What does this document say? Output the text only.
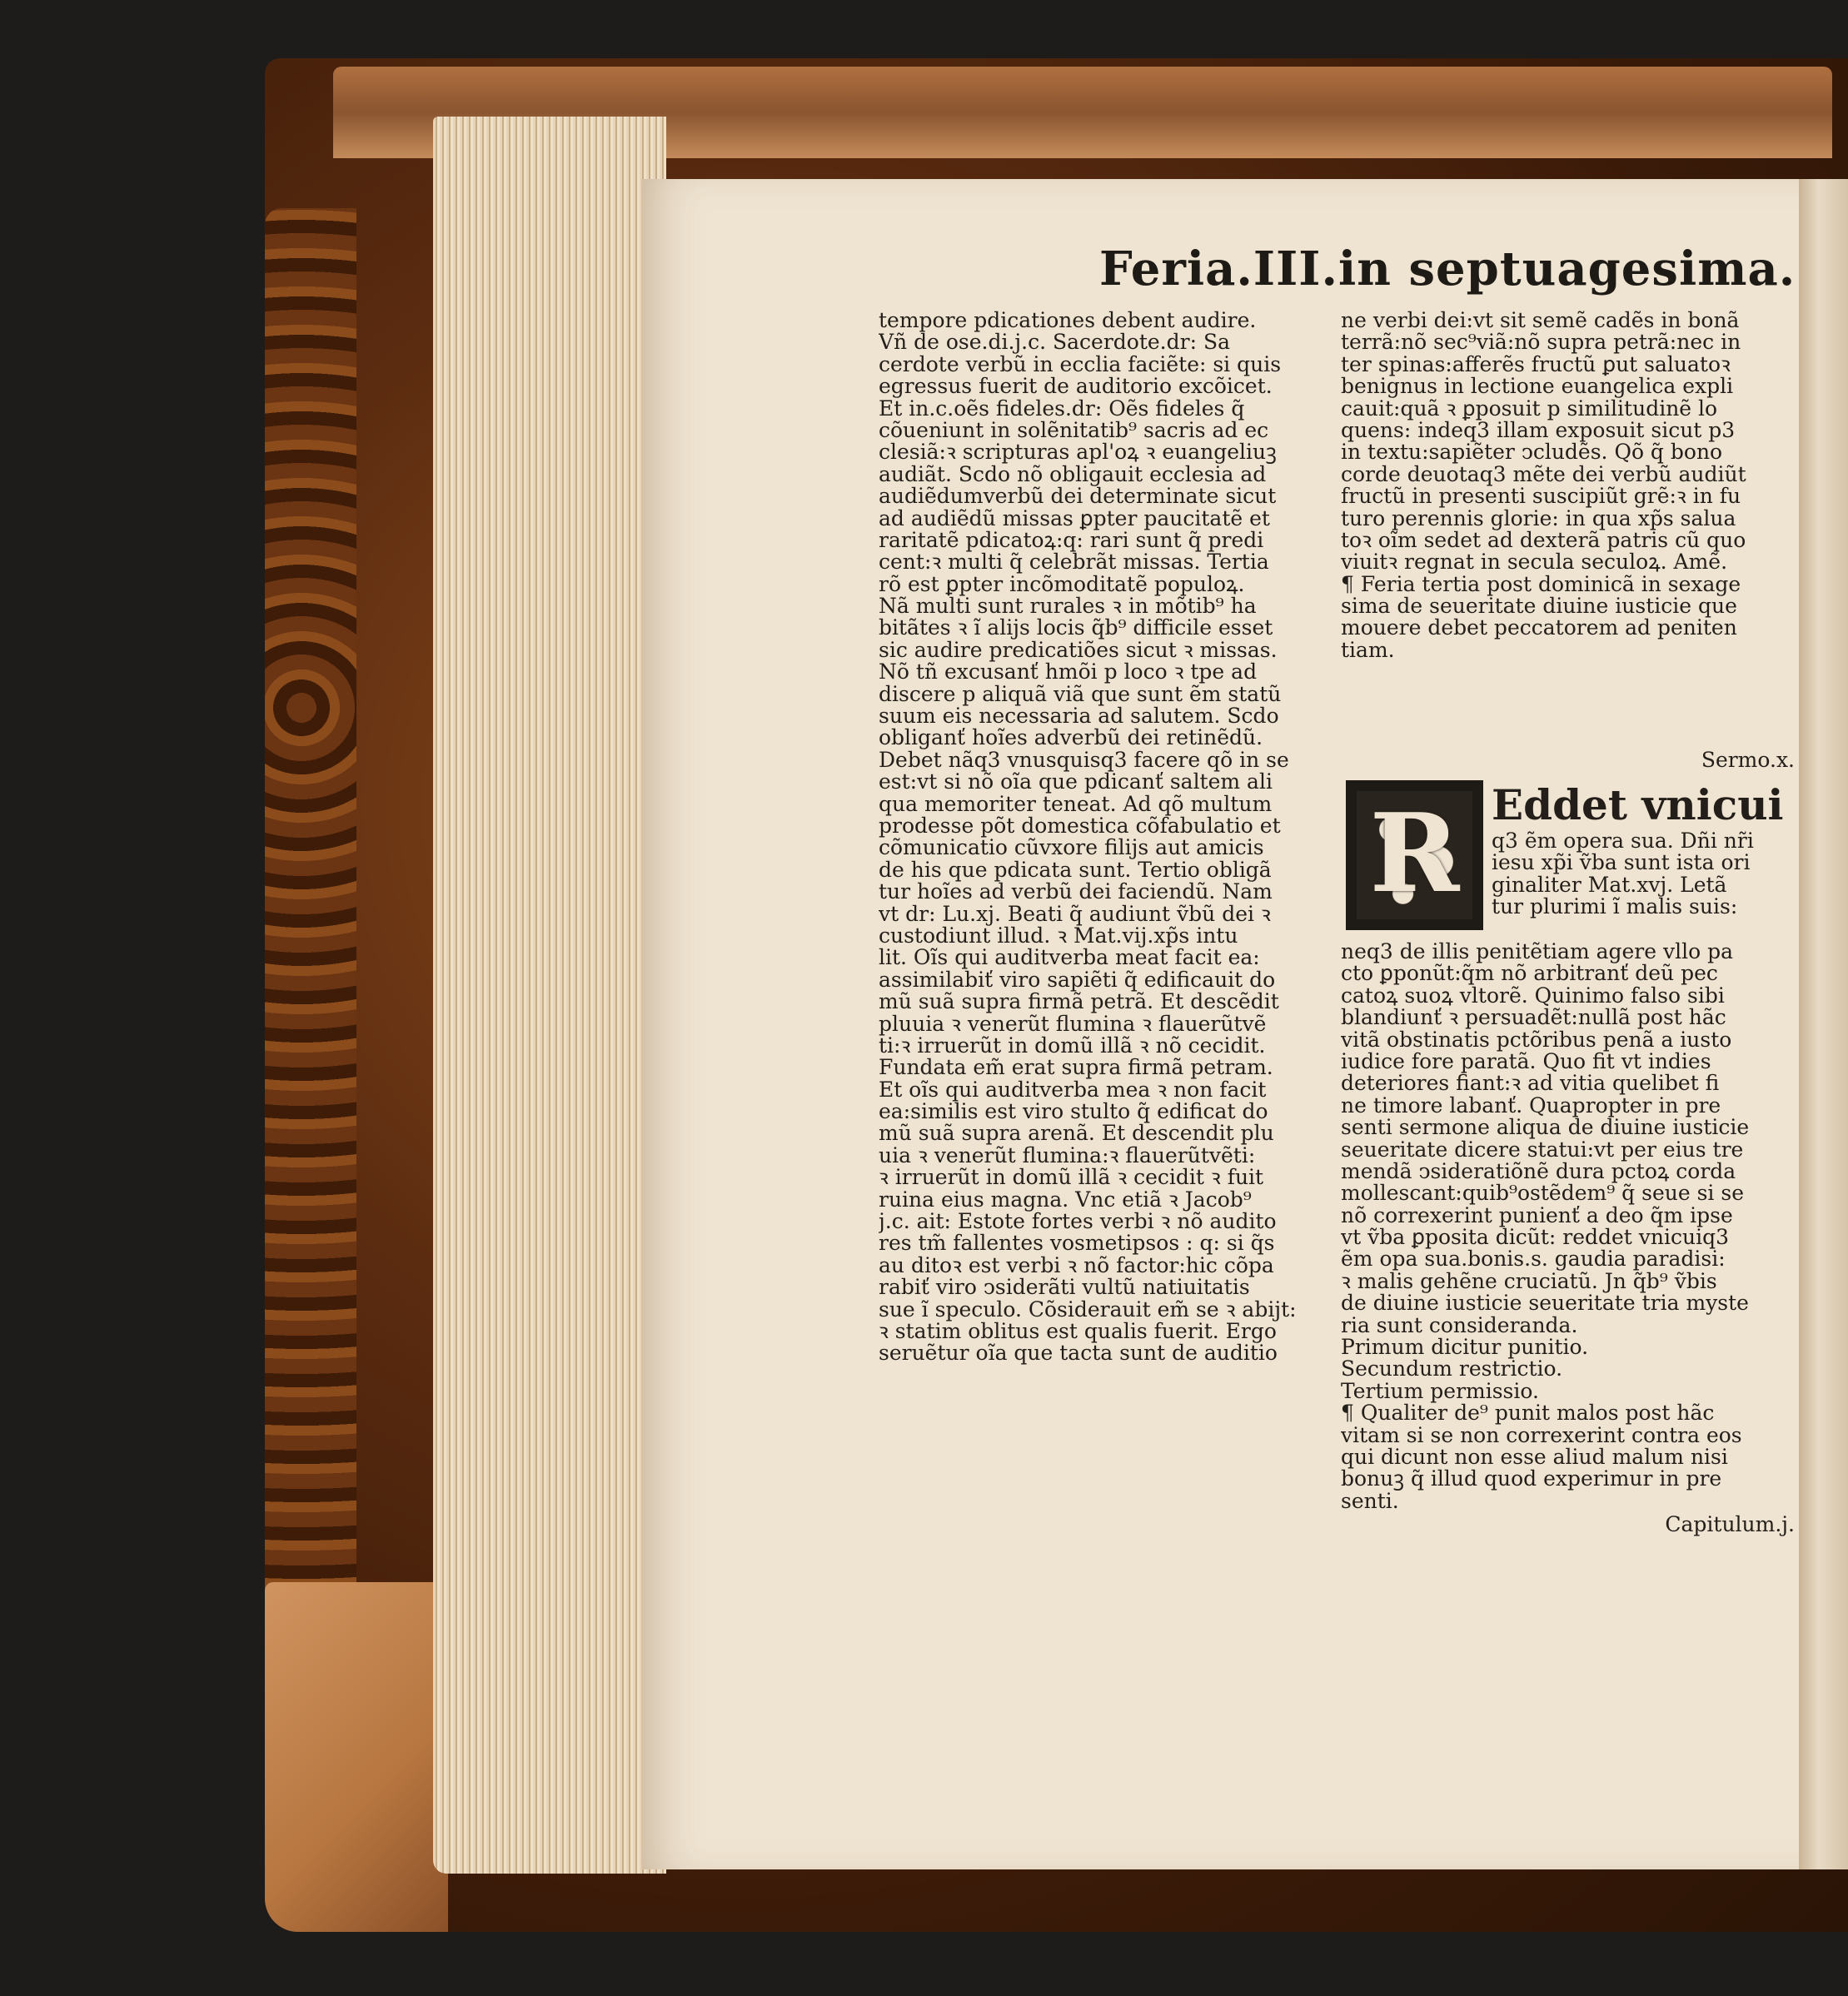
Feria.III.in septuagesima.
tempore pdicationes debent audire.
Vñ de ose.di.j.c. Sacerdote.dr: Sa
cerdote verbũ in ecclia faciẽte: si quis
egressus fuerit de auditorio excõicet.
Et in.c.oẽs fideles.dr: Oẽs fideles q̃
cõueniunt in solẽnitatib⁹ sacris ad ec
clesiã:ꝛ scripturas apl'oꝝ ꝛ euangeliuꝫ
audiãt. Scdo nõ obligauit ecclesia ad
audiẽdumverbũ dei determinate sicut
ad audiẽdũ missas ꝑpter paucitatẽ et
raritatẽ pdicatoꝝ:q: rari sunt q̃ predi
cent:ꝛ multi q̃ celebrãt missas. Tertia
rõ est ꝑpter incõmoditatẽ populoꝝ.
Nã multi sunt rurales ꝛ in mõtib⁹ ha
bitãtes ꝛ ĩ alijs locis q̃b⁹ difficile esset
sic audire predicatiões sicut ꝛ missas.
Nõ tñ excusanť hmõi p loco ꝛ tpe ad
discere p aliquã viã que sunt ẽm statũ
suum eis necessaria ad salutem. Scdo
obliganť hoĩes adverbũ dei retinẽdũ.
Debet nãq3 vnusquisq3 facere qõ in se
est:vt si nõ oĩa que pdicanť saltem ali
qua memoriter teneat. Ad qõ multum
prodesse põt domestica cõfabulatio et
cõmunicatio cũvxore filijs aut amicis
de his que pdicata sunt. Tertio obligã
tur hoĩes ad verbũ dei faciendũ. Nam
vt dr: Lu.xj. Beati q̃ audiunt ṽbũ dei ꝛ
custodiunt illud. ꝛ Mat.vij.xp̃s intu
lit. Oĩs qui auditverba meat facit ea:
assimilabiť viro sapiẽti q̃ edificauit do
mũ suã supra firmã petrã. Et descẽdit
pluuia ꝛ venerũt flumina ꝛ flauerũtvẽ
ti:ꝛ irruerũt in domũ illã ꝛ nõ cecidit.
Fundata em̃ erat supra firmã petram.
Et oĩs qui auditverba mea ꝛ non facit
ea:similis est viro stulto q̃ edificat do
mũ suã supra arenã. Et descendit plu
uia ꝛ venerũt flumina:ꝛ flauerũtvẽti:
ꝛ irruerũt in domũ illã ꝛ cecidit ꝛ fuit
ruina eius magna. Vnc etiã ꝛ Jacob⁹
j.c. ait: Estote fortes verbi ꝛ nõ audito
res tm̃ fallentes vosmetipsos : q: si q̃s
au ditoꝛ est verbi ꝛ nõ factor:hic cõpa
rabiť viro ↄsiderãti vultũ natiuitatis
sue ĩ speculo. Cõsiderauit em̃ se ꝛ abijt:
ꝛ statim oblitus est qualis fuerit. Ergo
seruẽtur oĩa que tacta sunt de auditio
ne verbi dei:vt sit semẽ cadẽs in bonã
terrã:nõ sec⁹viã:nõ supra petrã:nec in
ter spinas:afferẽs fructũ ꝑut saluatoꝛ
benignus in lectione euangelica expli
cauit:quã ꝛ ꝑposuit p similitudinẽ lo
quens: indeq3 illam exposuit sicut p3
in textu:sapiẽter ↄcludẽs. Qõ q̃ bono
corde deuotaq3 mẽte dei verbũ audiũt
fructũ in presenti suscipiũt grẽ:ꝛ in fu
turo perennis glorie: in qua xp̃s salua
toꝛ oĩm sedet ad dexterã patris cũ quo
viuitꝛ regnat in secula seculoꝝ. Amẽ.
¶ Feria tertia post dominicã in sexage
sima de seueritate diuine iusticie que
mouere debet peccatorem ad peniten
tiam.
Sermo.x.
R Eddet vnicui
q3 ẽm opera sua. Dñi nr̃i
iesu xp̃i ṽba sunt ista ori
ginaliter Mat.xvj. Letã
tur plurimi ĩ malis suis:
neq3 de illis penitẽtiam agere vllo pa
cto ꝑponũt:q̃m nõ arbitranť deũ pec
catoꝝ suoꝝ vltorẽ. Quinimo falso sibi
blandiunť ꝛ persuadẽt:nullã post hãc
vitã obstinatis pctõribus penã a iusto
iudice fore paratã. Quo fit vt indies
deteriores fiant:ꝛ ad vitia quelibet fi
ne timore labanť. Quapropter in pre
senti sermone aliqua de diuine iusticie
seueritate dicere statui:vt per eius tre
mendã ↄsideratiõnẽ dura pctoꝝ corda
mollescant:quib⁹ostẽdem⁹ q̃ seue si se
nõ correxerint punienť a deo q̃m ipse
vt ṽba ꝑposita dicũt: reddet vnicuiq3
ẽm opa sua.bonis.s. gaudia paradisi:
ꝛ malis gehẽne cruciatũ. Jn q̃b⁹ ṽbis
de diuine iusticie seueritate tria myste
ria sunt consideranda.
Primum dicitur punitio.
Secundum restrictio.
Tertium permissio.
¶ Qualiter de⁹ punit malos post hãc
vitam si se non correxerint contra eos
qui dicunt non esse aliud malum nisi
bonuꝫ q̃ illud quod experimur in pre
senti.
Capitulum.j.
